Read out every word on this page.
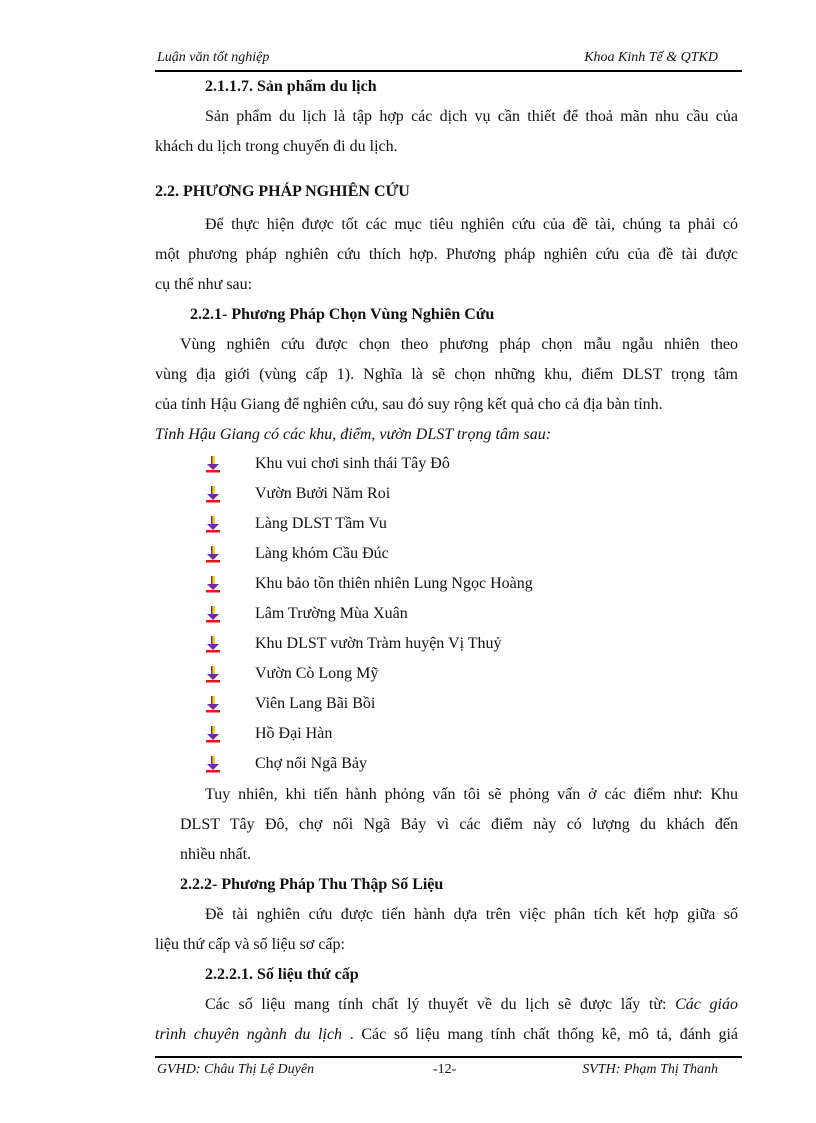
Luận văn tốt nghiệp	Khoa Kinh Tế & QTKD
2.1.1.7. Sản phẩm du lịch
Sản phẩm du lịch là tập hợp các dịch vụ cần thiết để thoả mãn nhu cầu của
khách du lịch trong chuyến đi du lịch.
2.2. PHƯƠNG PHÁP NGHIÊN CỨU
Để thực hiện được tốt các mục tiêu nghiên cứu của đề tài, chúng ta phải có
một phương pháp nghiên cứu thích hợp. Phương pháp nghiên cứu của đề tài được
cụ thể như sau:
2.2.1- Phương Pháp Chọn Vùng Nghiên Cứu
Vùng nghiên cứu được chọn theo phương pháp chọn mẫu ngẫu nhiên theo
vùng địa giới (vùng cấp 1). Nghĩa là sẽ chọn những khu, điểm DLST trọng tâm
của tỉnh Hậu Giang để nghiên cứu, sau đó suy rộng kết quả cho cả địa bàn tỉnh.
Tỉnh Hậu Giang có các khu, điểm, vườn DLST trọng tâm sau:
Khu vui chơi sinh thái Tây Đô
Vườn Bưởi Năm Roi
Làng DLST Tầm Vu
Làng khóm Cầu Đúc
Khu bảo tồn thiên nhiên Lung Ngọc Hoàng
Lâm Trường Mùa Xuân
Khu DLST vườn Tràm huyện Vị Thuỷ
Vườn Cò Long Mỹ
Viên Lang Bãi Bồi
Hồ Đại Hàn
Chợ nổi Ngã Bảy
Tuy nhiên, khi tiến hành phỏng vấn tôi sẽ phỏng vấn ở các điểm như: Khu
DLST Tây Đô, chợ nổi Ngã Bảy vì các điểm này có lượng du khách đến
nhiều nhất.
2.2.2- Phương Pháp Thu Thập Số Liệu
Đề tài nghiên cứu được tiến hành dựa trên việc phân tích kết hợp giữa số
liệu thứ cấp và số liệu sơ cấp:
2.2.2.1. Số liệu thứ cấp
Các số liệu mang tính chất lý thuyết về du lịch sẽ được lấy từ: Các giáo
trình chuyên ngành du lịch . Các số liệu mang tính chất thống kê, mô tả, đánh giá
GVHD: Châu Thị Lệ Duyên	-12-	SVTH: Phạm Thị Thanh
